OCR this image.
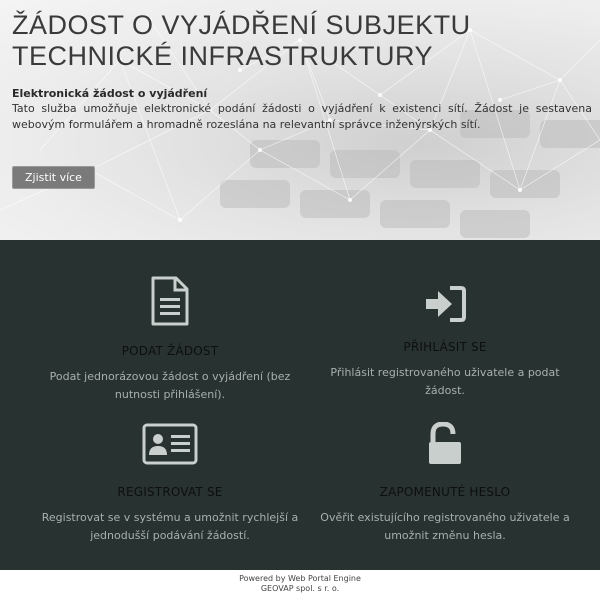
ŽÁDOST O VYJÁDŘENÍ SUBJEKTU TECHNICKÉ INFRASTRUKTURY
Elektronická žádost o vyjádření
Tato služba umožňuje elektronické podání žádosti o vyjádření k existenci sítí. Žádost je sestavena webovým formulářem a hromadně rozeslána na relevantní správce inženýrských sítí.
Zjistit více
PODAT ŽÁDOST
Podat jednorázovou žádost o vyjádření (bez nutnosti přihlášení).
PŘIHLÁSIT SE
Přihlásit registrovaného uživatele a podat žádost.
REGISTROVAT SE
Registrovat se v systému a umožnit rychlejší a jednodušší podávání žádostí.
ZAPOMENUTÉ HESLO
Ověřit existujícího registrovaného uživatele a umožnit změnu hesla.
Powered by Web Portal Engine
GEOVAP spol. s r. o.
